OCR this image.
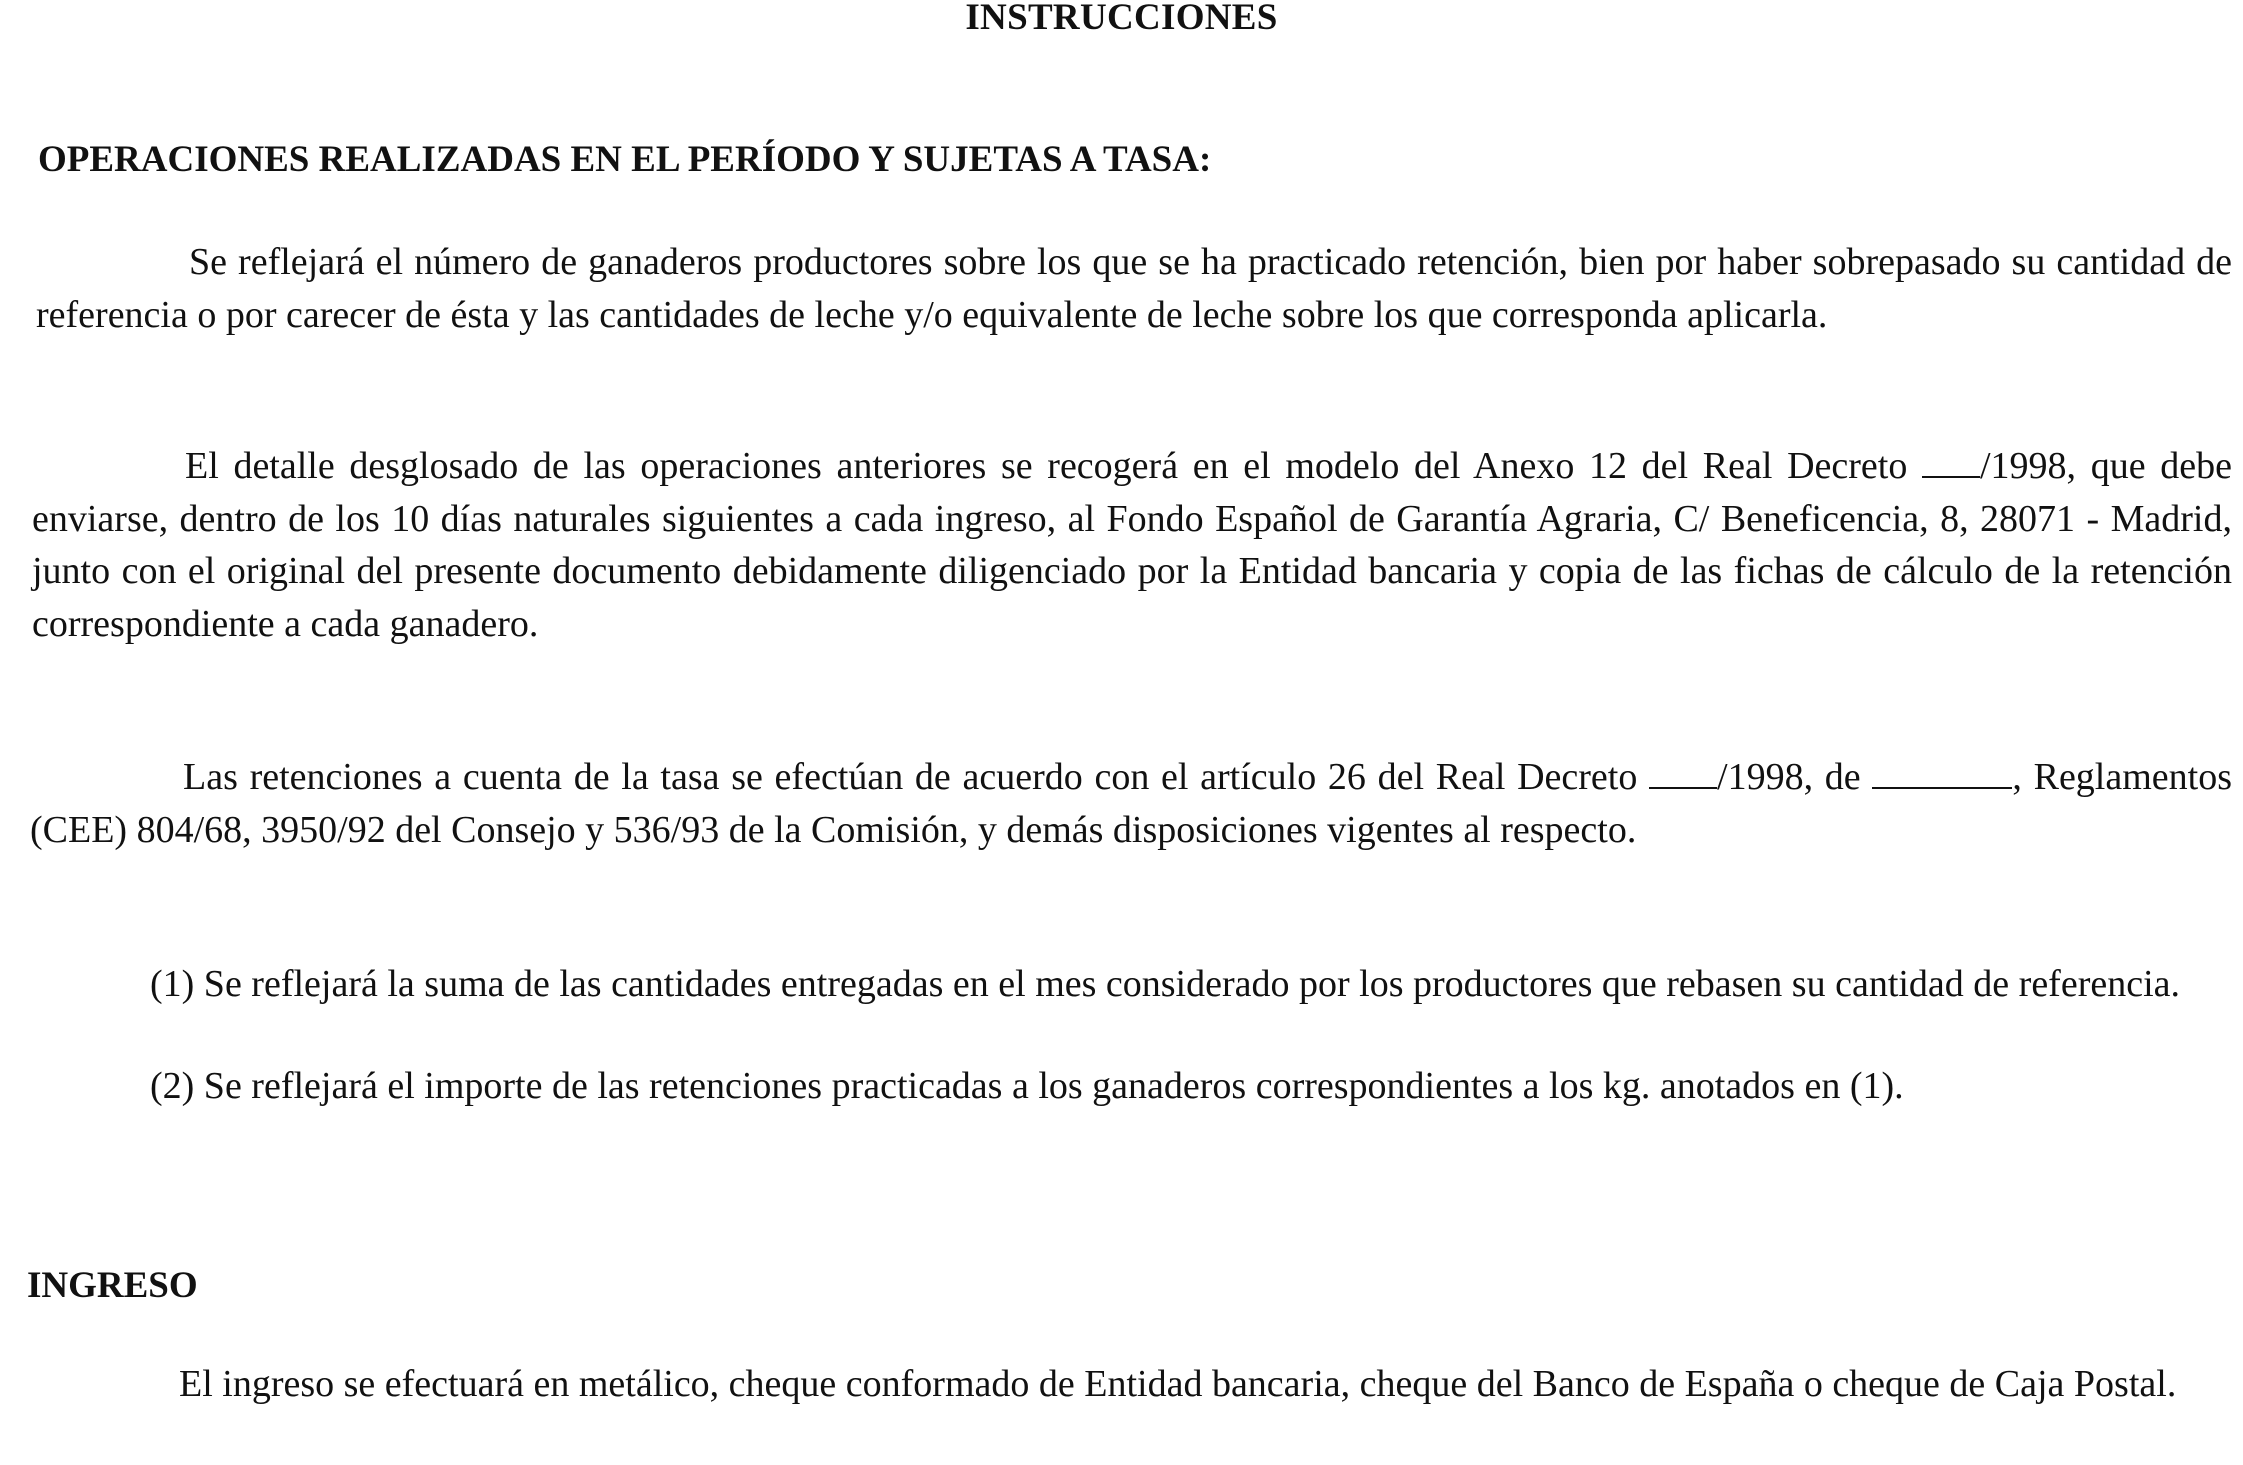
INSTRUCCIONES
OPERACIONES REALIZADAS EN EL PERÍODO Y SUJETAS A TASA:

Se reflejará el número de ganaderos productores sobre los que se ha practicado retención, bien por haber sobrepasado su cantidad de referencia o por carecer de ésta y las cantidades de leche y/o equivalente de leche sobre los que corresponda aplicarla.

El detalle desglosado de las operaciones anteriores se recogerá en el modelo del Anexo 12 del Real Decreto /1998, que debe enviarse, dentro de los 10 días naturales siguientes a cada ingreso, al Fondo Español de Garantía Agraria, C/ Beneficencia, 8, 28071 - Madrid, junto con el original del presente documento debidamente diligenciado por la Entidad bancaria y copia de las fichas de cálculo de la retención correspondiente a cada ganadero.

Las retenciones a cuenta de la tasa se efectúan de acuerdo con el artículo 26 del Real Decreto /1998, de	, Reglamentos (CEE) 804/68, 3950/92 del Consejo y 536/93 de la Comisión, y demás disposiciones vigentes al respecto.

(1) Se reflejará la suma de las cantidades entregadas en el mes considerado por los productores que rebasen su cantidad de referencia.

(2) Se reflejará el importe de las retenciones practicadas a los ganaderos correspondientes a los kg. anotados en (1).

INGRESO

El ingreso se efectuará en metálico, cheque conformado de Entidad bancaria, cheque del Banco de España o cheque de Caja Postal.
